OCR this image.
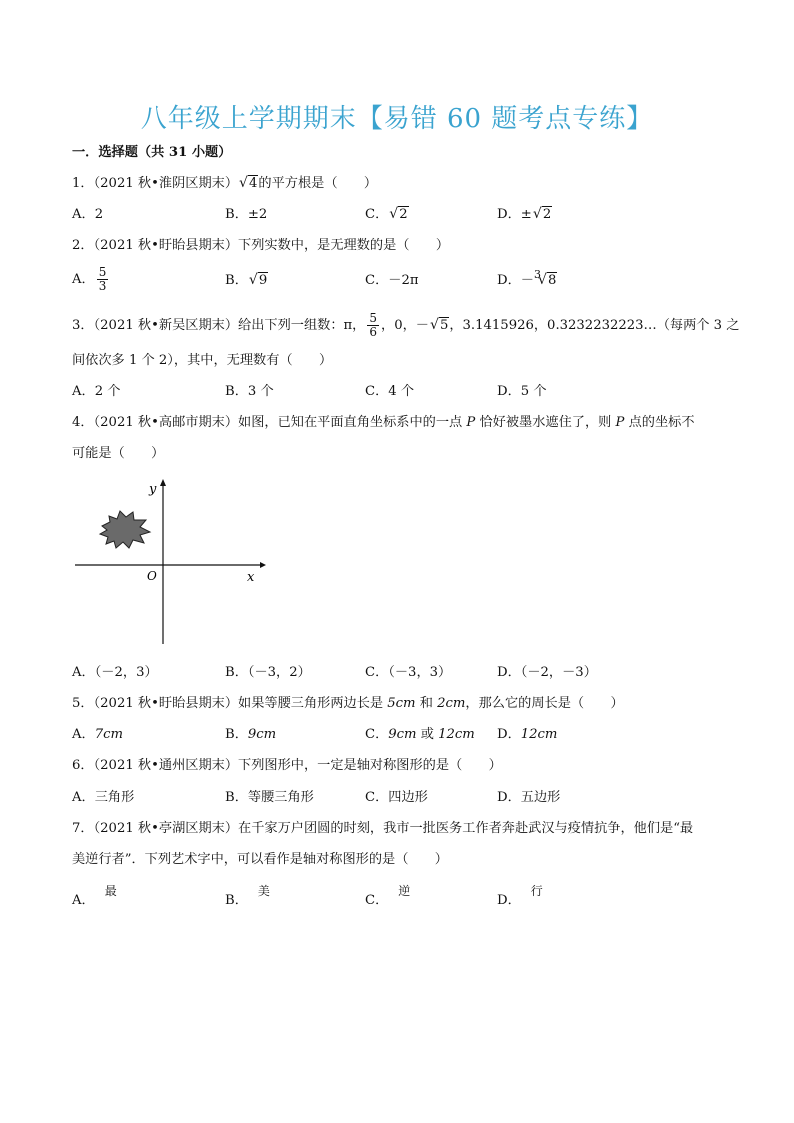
八年级上学期期末【易错 60 题考点专练】
一．选择题（共 31 小题）
1．（2021 秋•淮阴区期末） √ 4的平方根是（　　）
A．2	B．±2	C． √ 2	D．± √ 2
2．（2021 秋•盱眙县期末）下列实数中，是无理数的是（　　）
A． $\frac{5}{3}$	B． √ 9	C．－2π	D．－3
√ 8
3．（2021 秋•新吴区期末）给出下列一组数：π， $\frac{5}{6}$ ，0，－ √ 5，3.1415926，0.3232232223…（每两个 3 之
间依次多 1 个 2），其中，无理数有（　　）
A．2 个	B．3 个	C．4 个	D．5 个
4．（2021 秋•高邮市期末）如图，已知在平面直角坐标系中的一点 P 恰好被墨水遮住了，则 P 点的坐标不
可能是（　　）
y
x
O
A．（－2，3）	B．（－3，2）	C．（－3，3）	D．（－2，－3）
5．（2021 秋•盱眙县期末）如果等腰三角形两边长是 5cm 和 2cm，那么它的周长是（　　）
A．7cm	B．9cm	C．9cm 或 12cm D．12cm
6．（2021 秋•通州区期末）下列图形中，一定是轴对称图形的是（　　）
A．三角形	B．等腰三角形	C．四边形	D．五边形
7．（2021 秋•亭湖区期末）在千家万户团圆的时刻，我市一批医务工作者奔赴武汉与疫情抗争，他们是“最
美逆行者”．下列艺术字中，可以看作是轴对称图形的是（　　）
A．最
B．美
C．逆
D．行
